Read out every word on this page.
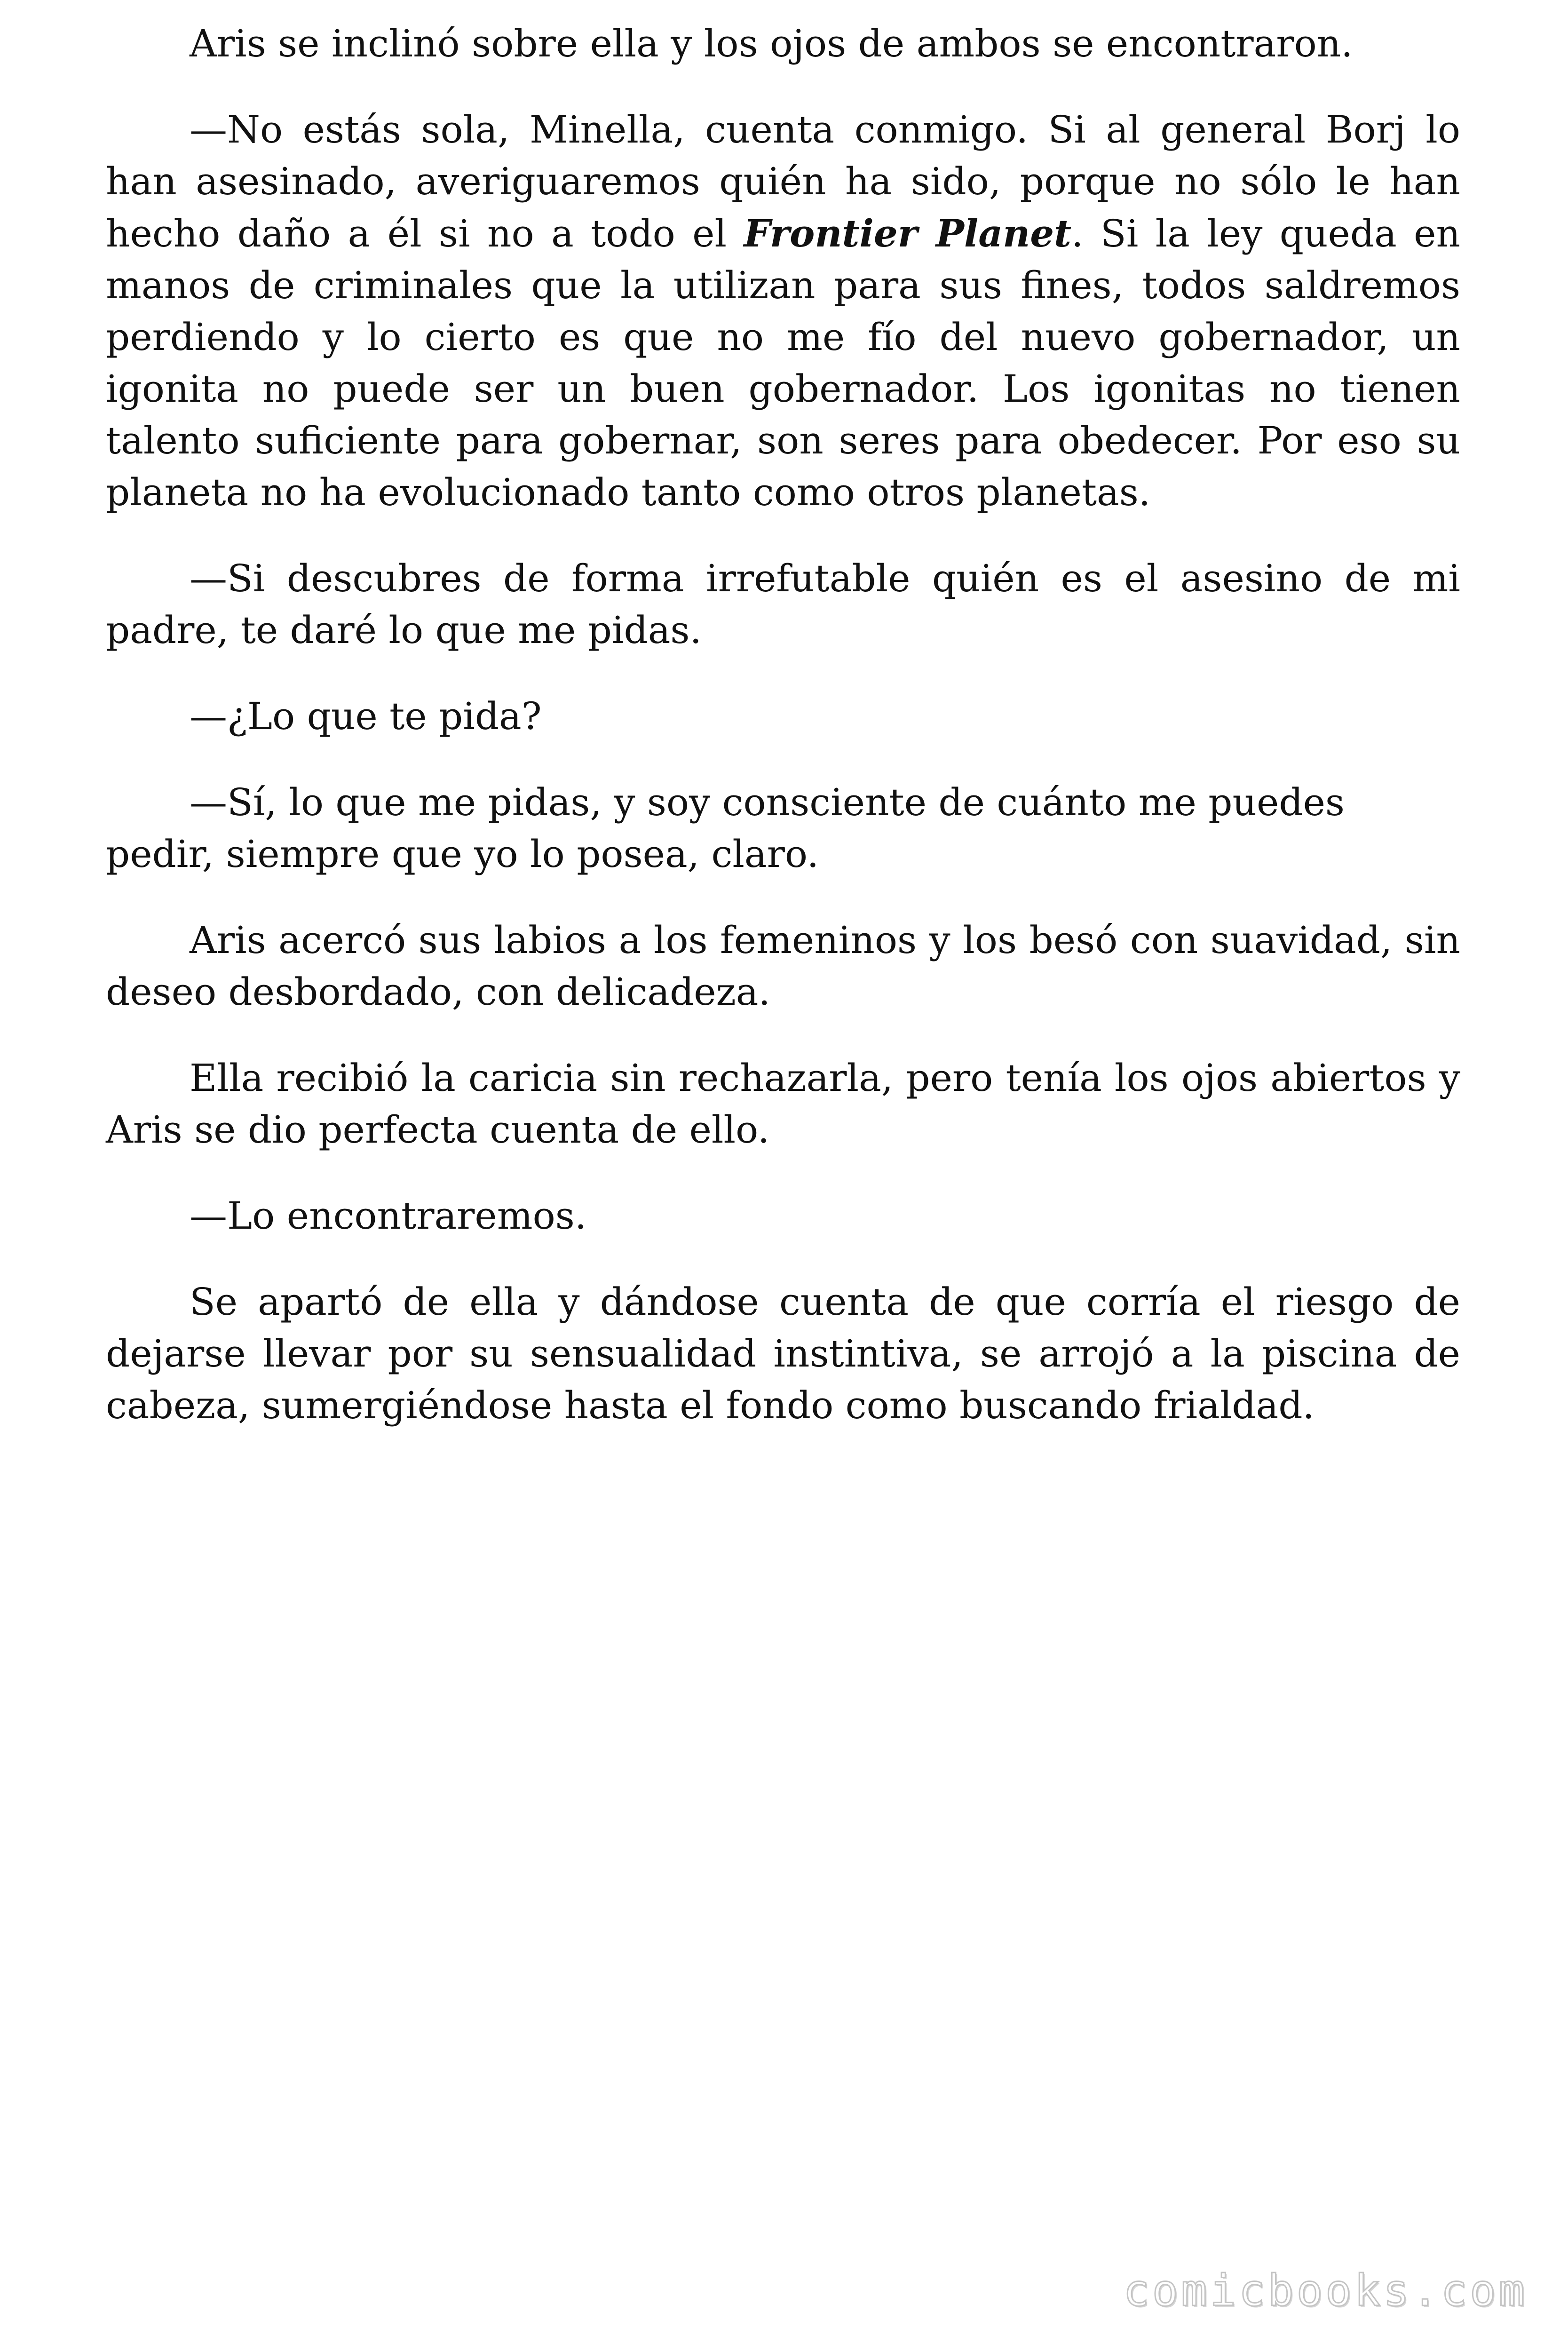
Aris se inclinó sobre ella y los ojos de ambos se encontraron.

—No estás sola, Minella, cuenta conmigo. Si al general Borj lo han asesinado, averiguaremos quién ha sido, porque no sólo le han hecho daño a él si no a todo el Frontier Planet. Si la ley queda en manos de criminales que la utilizan para sus fines, todos saldremos perdiendo y lo cierto es que no me fío del nuevo gobernador, un igonita no puede ser un buen gobernador. Los igonitas no tienen talento suficiente para gobernar, son seres para obedecer. Por eso su planeta no ha evolucionado tanto como otros planetas.

—Si descubres de forma irrefutable quién es el asesino de mi padre, te daré lo que me pidas.

—¿Lo que te pida?

—Sí, lo que me pidas, y soy consciente de cuánto me puedes pedir, siempre que yo lo posea, claro.

Aris acercó sus labios a los femeninos y los besó con suavidad, sin deseo desbordado, con delicadeza.

Ella recibió la caricia sin rechazarla, pero tenía los ojos abiertos y Aris se dio perfecta cuenta de ello.

—Lo encontraremos.

Se apartó de ella y dándose cuenta de que corría el riesgo de dejarse llevar por su sensualidad instintiva, se arrojó a la piscina de cabeza, sumergiéndose hasta el fondo como buscando frialdad.

comicbooks.com
